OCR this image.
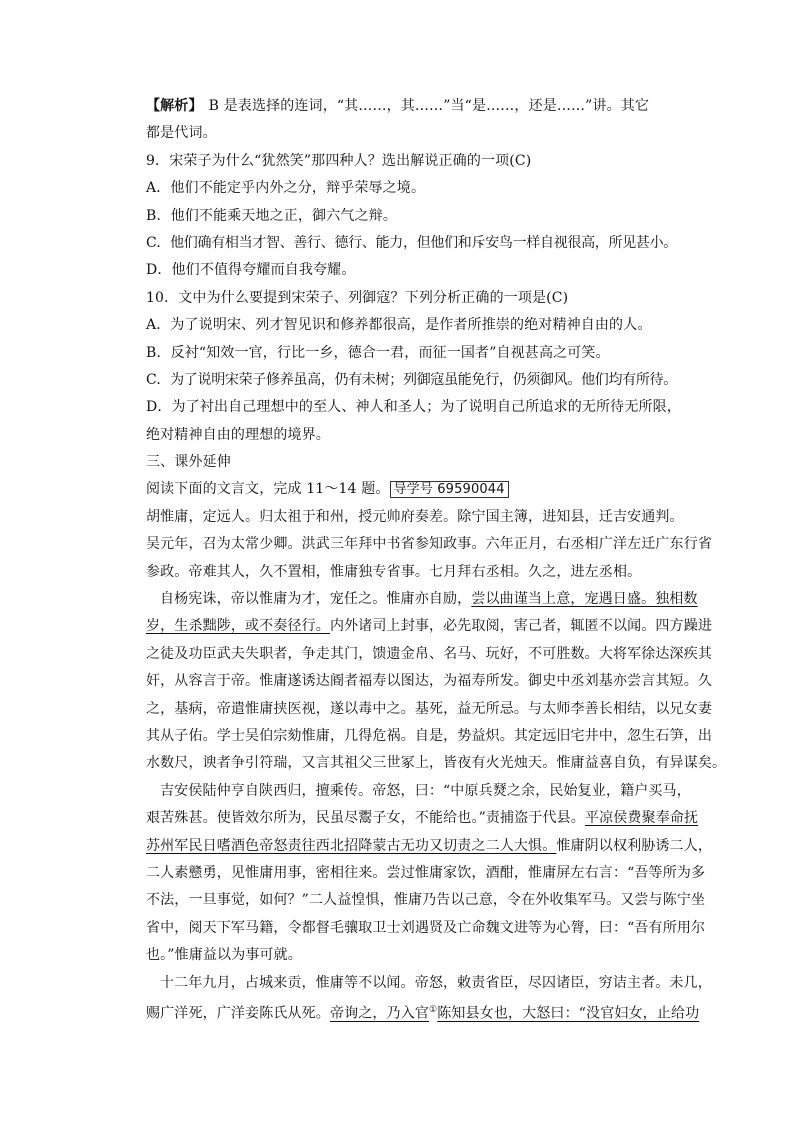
【解析】 B 是表选择的连词，“其……，其……”当“是……，还是……”讲。其它
都是代词。
9．宋荣子为什么“犹然笑”那四种人？选出解说正确的一项(C)
A．他们不能定乎内外之分，辩乎荣辱之境。
B．他们不能乘天地之正，御六气之辩。
C．他们确有相当才智、善行、德行、能力，但他们和斥安鸟一样自视很高，所见甚小。
D．他们不值得夸耀而自我夸耀。
10．文中为什么要提到宋荣子、列御寇？下列分析正确的一项是(C)
A．为了说明宋、列才智见识和修养都很高，是作者所推崇的绝对精神自由的人。
B．反衬“知效一官，行比一乡，德合一君，而征一国者”自视甚高之可笑。
C．为了说明宋荣子修养虽高，仍有未树；列御寇虽能免行，仍须御风。他们均有所待。
D．为了衬出自己理想中的至人、神人和圣人；为了说明自己所追求的无所待无所限，
绝对精神自由的理想的境界。
三、课外延伸
阅读下面的文言文，完成 11～14 题。 导学号 69590044
胡惟庸，定远人。归太祖于和州，授元帅府奏差。除宁国主簿，进知县，迁吉安通判。
吴元年，召为太常少卿。洪武三年拜中书省参知政事。六年正月，右丞相广洋左迁广东行省
参政。帝难其人，久不置相，惟庸独专省事。七月拜右丞相。久之，进左丞相。
自杨宪诛，帝以惟庸为才，宠任之。惟庸亦自励，尝以曲谨当上意，宠遇日盛。独相数
岁，生杀黜陟，或不奏径行。内外诸司上封事，必先取阅，害己者，辄匿不以闻。四方躁进
之徒及功臣武夫失职者，争走其门，馈遗金帛、名马、玩好，不可胜数。大将军徐达深疾其
奸，从容言于帝。惟庸遂诱达阍者福寿以图达，为福寿所发。御史中丞刘基亦尝言其短。久
之，基病，帝遣惟庸挟医视，遂以毒中之。基死，益无所忌。与太师李善长相结，以兄女妻
其从子佑。学士吴伯宗劾惟庸，几得危祸。自是，势益炽。其定远旧宅井中，忽生石笋，出
水数尺，谀者争引符瑞，又言其祖父三世冢上，皆夜有火光烛天。惟庸益喜自负，有异谋矣。
吉安侯陆仲亨自陕西归，擅乘传。帝怒，曰：“中原兵燹之余，民始复业，籍户买马，
艰苦殊甚。使皆效尔所为，民虽尽鬻子女，不能给也。”责捕盗于代县。平凉侯费聚奉命抚
苏州军民日嗜酒色帝怒责往西北招降蒙古无功又切责之二人大惧。惟庸阴以权利胁诱二人，
二人素戆勇，见惟庸用事，密相往来。尝过惟庸家饮，酒酣，惟庸屏左右言：“吾等所为多
不法，一旦事觉，如何？”二人益惶惧，惟庸乃告以己意，令在外收集军马。又尝与陈宁坐
省中，阅天下军马籍，令都督毛骧取卫士刘遇贤及亡命魏文进等为心膂，曰：“吾有所用尔
也。”惟庸益以为事可就。
十二年九月，占城来贡，惟庸等不以闻。帝怒，敕责省臣，尽囚诸臣，穷诘主者。未几，
赐广洋死，广洋妾陈氏从死。帝询之，乃入官①陈知县女也，大怒曰：“没官妇女，止给功
